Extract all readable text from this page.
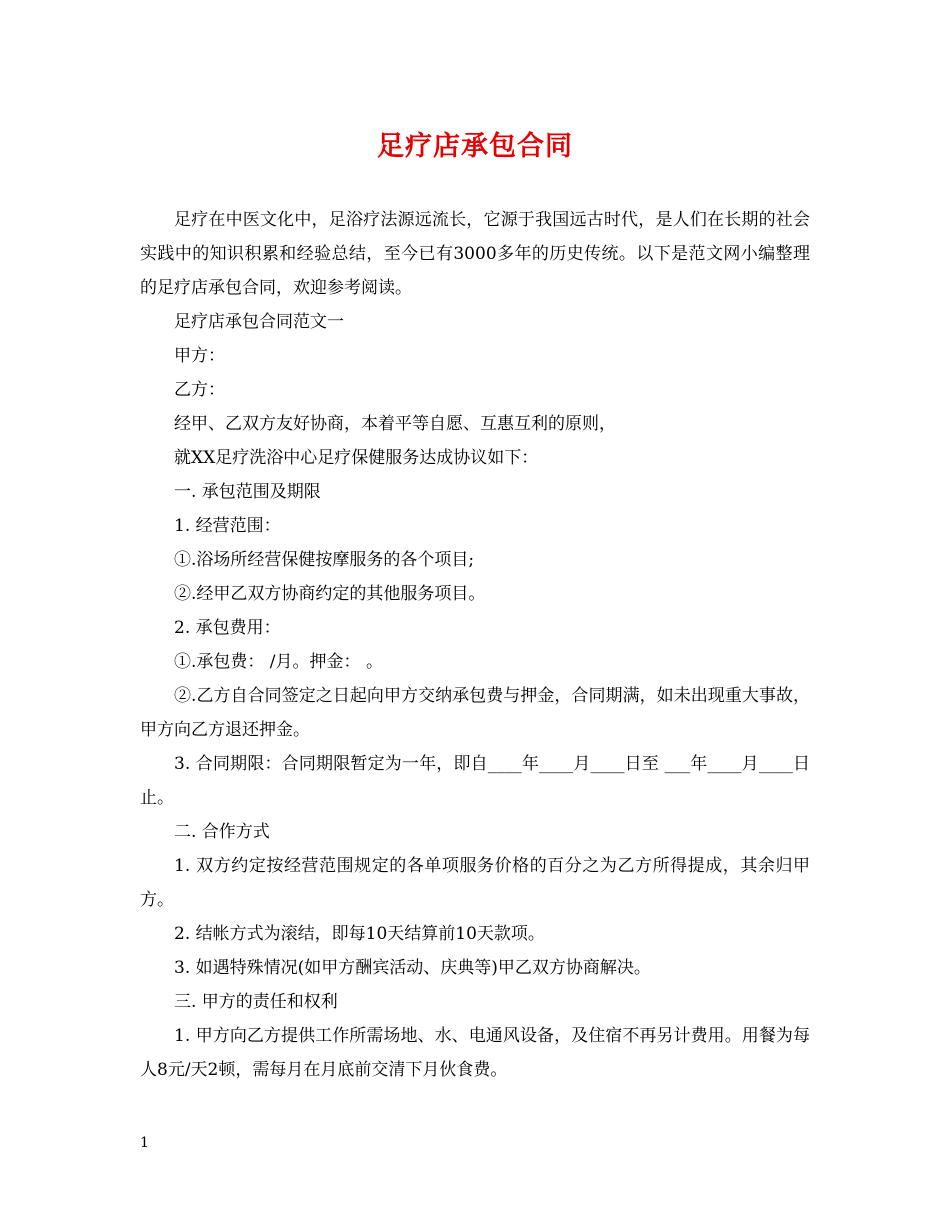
足疗店承包合同

足疗在中医文化中，足浴疗法源远流长，它源于我国远古时代，是人们在长期的社会实践中的知识积累和经验总结，至今已有3000多年的历史传统。以下是范文网小编整理的足疗店承包合同，欢迎参考阅读。

足疗店承包合同范文一

甲方：

乙方：

经甲、乙双方友好协商，本着平等自愿、互惠互利的原则，

就XX足疗洗浴中心足疗保健服务达成协议如下：

一. 承包范围及期限

1. 经营范围：

①.浴场所经营保健按摩服务的各个项目;

②.经甲乙双方协商约定的其他服务项目。

2. 承包费用：

①.承包费： /月。押金： 。

②.乙方自合同签定之日起向甲方交纳承包费与押金，合同期满，如未出现重大事故，甲方向乙方退还押金。

3. 合同期限：合同期限暂定为一年，即自____年____月____日至 ___年____月____日止。

二. 合作方式

1. 双方约定按经营范围规定的各单项服务价格的百分之为乙方所得提成，其余归甲方。

2. 结帐方式为滚结，即每10天结算前10天款项。

3. 如遇特殊情况(如甲方酬宾活动、庆典等)甲乙双方协商解决。

三. 甲方的责任和权利

1. 甲方向乙方提供工作所需场地、水、电通风设备，及住宿不再另计费用。用餐为每人8元/天2顿，需每月在月底前交清下月伙食费。

1
